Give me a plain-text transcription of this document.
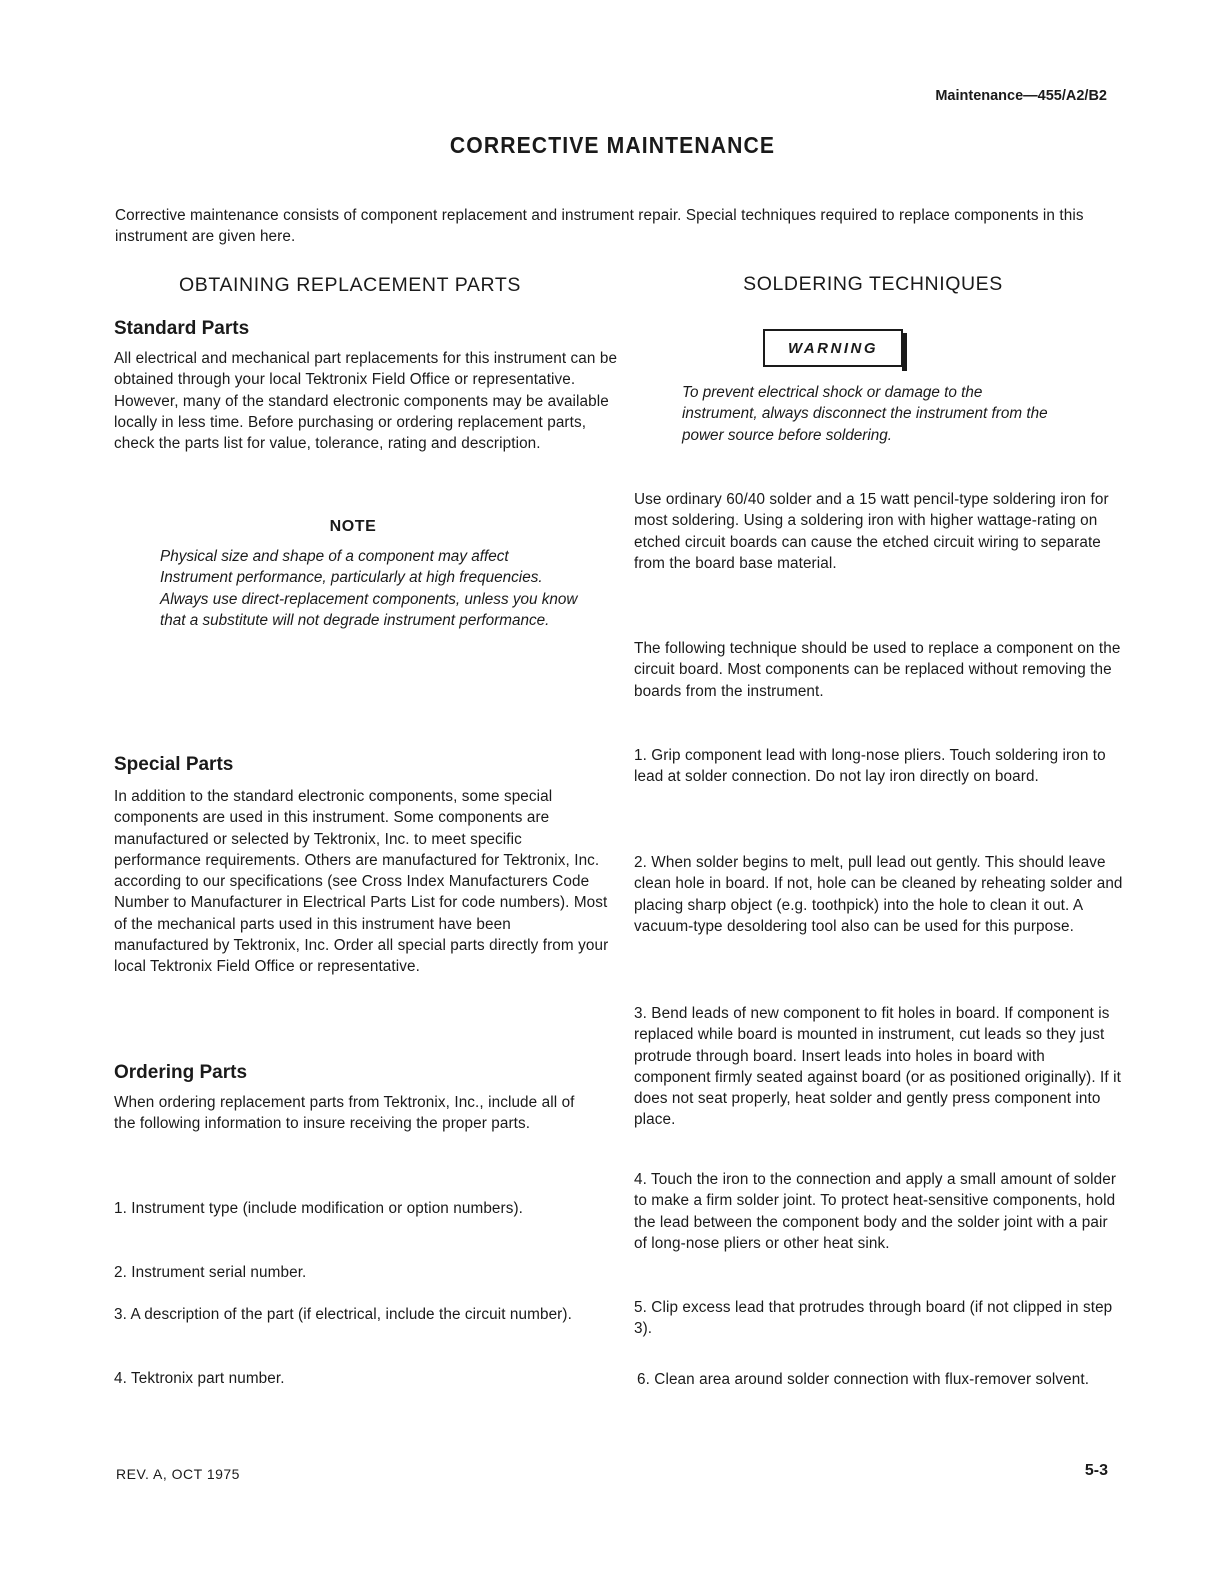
Maintenance—455/A2/B2
CORRECTIVE MAINTENANCE
Corrective maintenance consists of component replacement and instrument repair. Special techniques required to replace components in this instrument are given here.
OBTAINING REPLACEMENT PARTS
Standard Parts
All electrical and mechanical part replacements for this instrument can be obtained through your local Tektronix Field Office or representative. However, many of the standard electronic components may be available locally in less time. Before purchasing or ordering replacement parts, check the parts list for value, tolerance, rating and description.
NOTE
Physical size and shape of a component may affect Instrument performance, particularly at high frequencies. Always use direct-replacement components, unless you know that a substitute will not degrade instrument performance.
Special Parts
In addition to the standard electronic components, some special components are used in this instrument. Some components are manufactured or selected by Tektronix, Inc. to meet specific performance requirements. Others are manufactured for Tektronix, Inc. according to our specifications (see Cross Index Manufacturers Code Number to Manufacturer in Electrical Parts List for code numbers). Most of the mechanical parts used in this instrument have been manufactured by Tektronix, Inc. Order all special parts directly from your local Tektronix Field Office or representative.
Ordering Parts
When ordering replacement parts from Tektronix, Inc., include all of the following information to insure receiving the proper parts.
1. Instrument type (include modification or option numbers).
2. Instrument serial number.
3. A description of the part (if electrical, include the circuit number).
4. Tektronix part number.
SOLDERING TECHNIQUES
WARNING
To prevent electrical shock or damage to the instrument, always disconnect the instrument from the power source before soldering.
Use ordinary 60/40 solder and a 15 watt pencil-type soldering iron for most soldering. Using a soldering iron with higher wattage-rating on etched circuit boards can cause the etched circuit wiring to separate from the board base material.
The following technique should be used to replace a component on the circuit board. Most components can be replaced without removing the boards from the instrument.
1. Grip component lead with long-nose pliers. Touch soldering iron to lead at solder connection. Do not lay iron directly on board.
2. When solder begins to melt, pull lead out gently. This should leave clean hole in board. If not, hole can be cleaned by reheating solder and placing sharp object (e.g. toothpick) into the hole to clean it out. A vacuum-type desoldering tool also can be used for this purpose.
3. Bend leads of new component to fit holes in board. If component is replaced while board is mounted in instrument, cut leads so they just protrude through board. Insert leads into holes in board with component firmly seated against board (or as positioned originally). If it does not seat properly, heat solder and gently press component into place.
4. Touch the iron to the connection and apply a small amount of solder to make a firm solder joint. To protect heat-sensitive components, hold the lead between the component body and the solder joint with a pair of long-nose pliers or other heat sink.
5. Clip excess lead that protrudes through board (if not clipped in step 3).
6. Clean area around solder connection with flux-remover solvent.
REV. A, OCT 1975	5-3
